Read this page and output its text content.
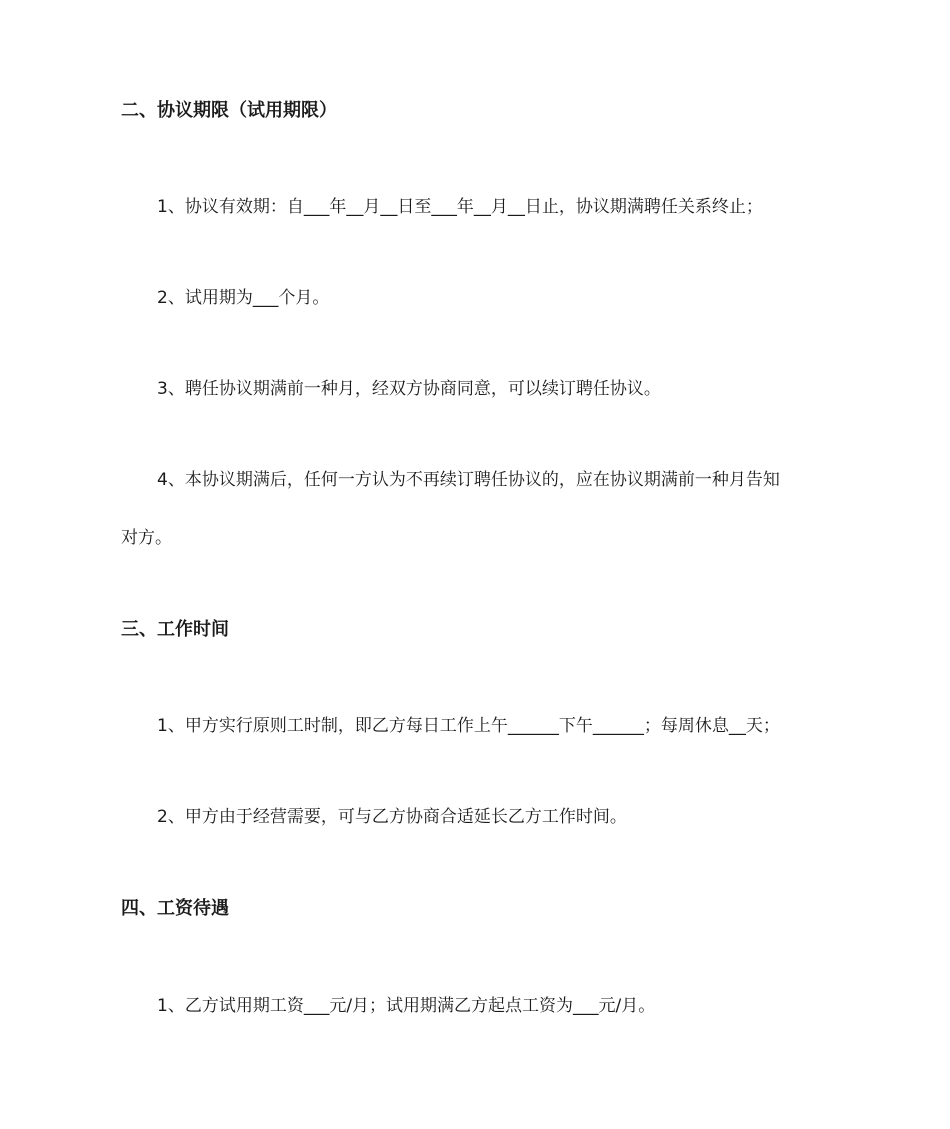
二、协议期限（试用期限）
1、协议有效期：自___年__月__日至___年__月__日止，协议期满聘任关系终止；
2、试用期为___个月。
3、聘任协议期满前一种月，经双方协商同意，可以续订聘任协议。
4、本协议期满后，任何一方认为不再续订聘任协议的，应在协议期满前一种月告知
对方。
三、工作时间
1、甲方实行原则工时制，即乙方每日工作上午______下午______；每周休息__天；
2、甲方由于经营需要，可与乙方协商合适延长乙方工作时间。
四、工资待遇
1、乙方试用期工资___元/月；试用期满乙方起点工资为___元/月。
